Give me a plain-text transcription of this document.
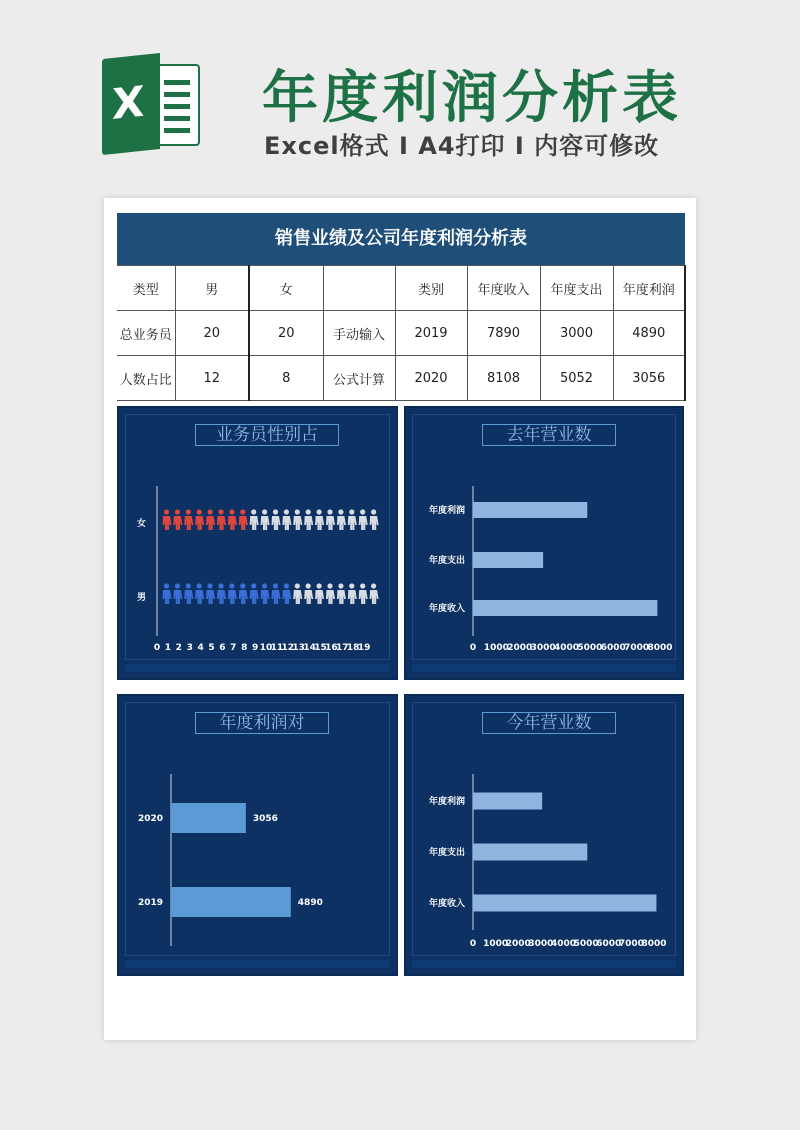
X 年度利润分析表
Excel格式 I A4打印 I 内容可修改
销售业绩及公司年度利润分析表
类型	男	女		类别	年度收入	年度支出	年度利润
总业务员	20	20	手动输入	2019	7890	3000	4890
人数占比	12	8	公式计算	2020	8108	5052	3056
业务员性别占
女
男
0 1 2 3 4 5 6 7 8 9 10
11
12
13
14
15
16
17
18
19
去年营业数
年度利润
年度支出
年度收入
0 1000
2000
3000
4000
5000
6000
7000
8000
年度利润对
2020	3056
2019	4890
今年营业数
年度利润
年度支出
年度收入
0 1000
2000
3000
4000
5000
6000
7000
8000
